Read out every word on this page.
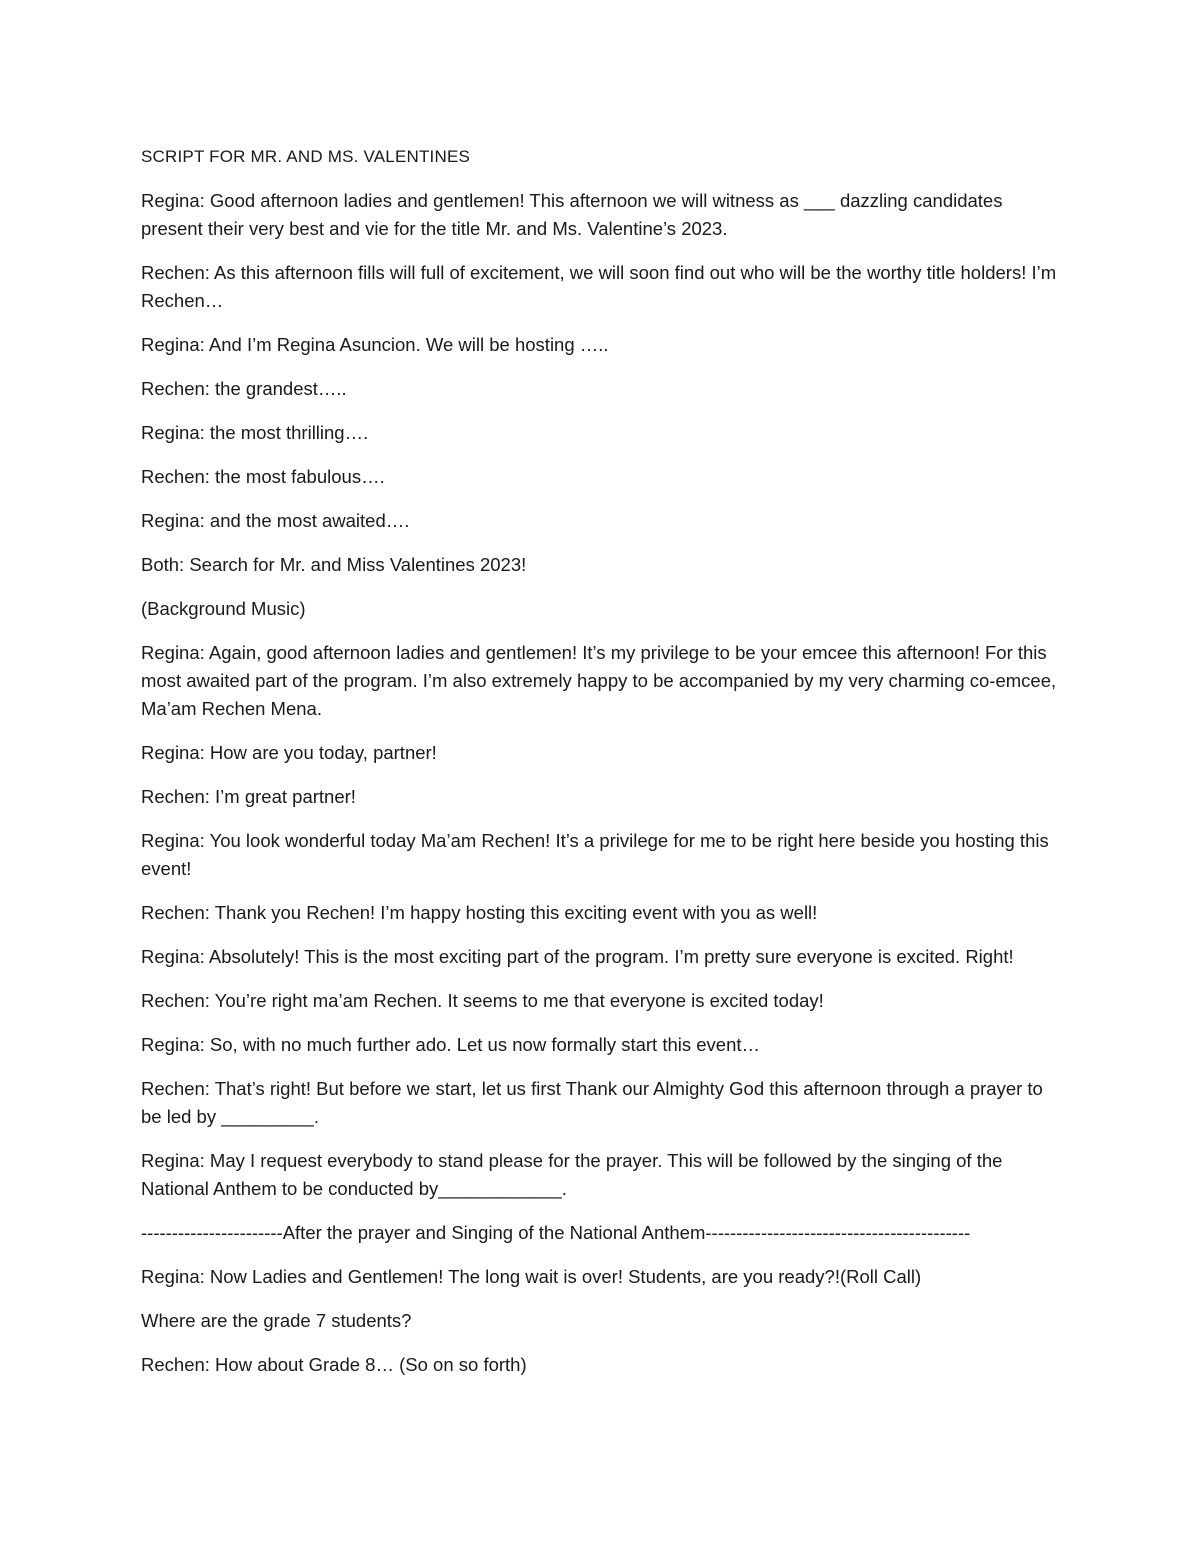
SCRIPT FOR MR. AND MS. VALENTINES

Regina: Good afternoon ladies and gentlemen! This afternoon we will witness as ___ dazzling candidates present their very best and vie for the title Mr. and Ms. Valentine’s 2023.

Rechen: As this afternoon fills will full of excitement, we will soon find out who will be the worthy title holders! I’m Rechen…

Regina: And I’m Regina Asuncion. We will be hosting …..

Rechen: the grandest…..

Regina: the most thrilling….

Rechen: the most fabulous….

Regina: and the most awaited….

Both: Search for Mr. and Miss Valentines 2023!

(Background Music)

Regina: Again, good afternoon ladies and gentlemen! It’s my privilege to be your emcee this afternoon! For this most awaited part of the program. I’m also extremely happy to be accompanied by my very charming co-emcee, Ma’am Rechen Mena.

Regina: How are you today, partner!

Rechen: I’m great partner!

Regina: You look wonderful today Ma’am Rechen! It’s a privilege for me to be right here beside you hosting this event!

Rechen: Thank you Rechen! I’m happy hosting this exciting event with you as well!

Regina: Absolutely! This is the most exciting part of the program. I’m pretty sure everyone is excited. Right!

Rechen: You’re right ma’am Rechen. It seems to me that everyone is excited today!

Regina: So, with no much further ado. Let us now formally start this event…

Rechen: That’s right! But before we start, let us first Thank our Almighty God this afternoon through a prayer to be led by _________.

Regina: May I request everybody to stand please for the prayer. This will be followed by the singing of the National Anthem to be conducted by____________.

-----------------------After the prayer and Singing of the National Anthem-------------------------------------------

Regina: Now Ladies and Gentlemen! The long wait is over! Students, are you ready?!(Roll Call)

Where are the grade 7 students?

Rechen: How about Grade 8… (So on so forth)
